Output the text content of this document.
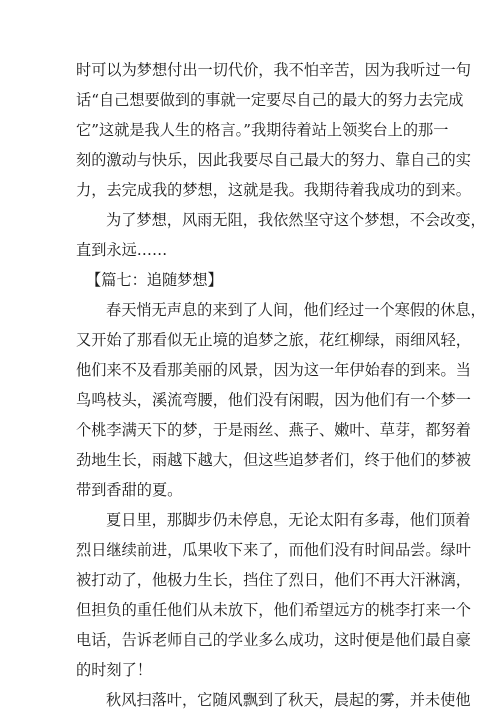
时可以为梦想付出一切代价，我不怕辛苦，因为我听过一句
话“自己想要做到的事就一定要尽自己的最大的努力去完成
它”这就是我人生的格言。”我期待着站上领奖台上的那一
刻的激动与快乐，因此我要尽自己最大的努力、靠自己的实
力，去完成我的梦想，这就是我。我期待着我成功的到来。
为了梦想，风雨无阻，我依然坚守这个梦想，不会改变，
直到永远……
【篇七：追随梦想】
春天悄无声息的来到了人间，他们经过一个寒假的休息，
又开始了那看似无止境的追梦之旅，花红柳绿，雨细风轻，
他们来不及看那美丽的风景，因为这一年伊始春的到来。当
鸟鸣枝头，溪流弯腰，他们没有闲暇，因为他们有一个梦一
个桃李满天下的梦，于是雨丝、燕子、嫩叶、草芽，都努着
劲地生长，雨越下越大，但这些追梦者们，终于他们的梦被
带到香甜的夏。
夏日里，那脚步仍未停息，无论太阳有多毒，他们顶着
烈日继续前进，瓜果收下来了，而他们没有时间品尝。绿叶
被打动了，他极力生长，挡住了烈日，他们不再大汗淋漓，
但担负的重任他们从未放下，他们希望远方的桃李打来一个
电话，告诉老师自己的学业多么成功，这时便是他们最自豪
的时刻了！
秋风扫落叶，它随风飘到了秋天，晨起的雾，并未使他
